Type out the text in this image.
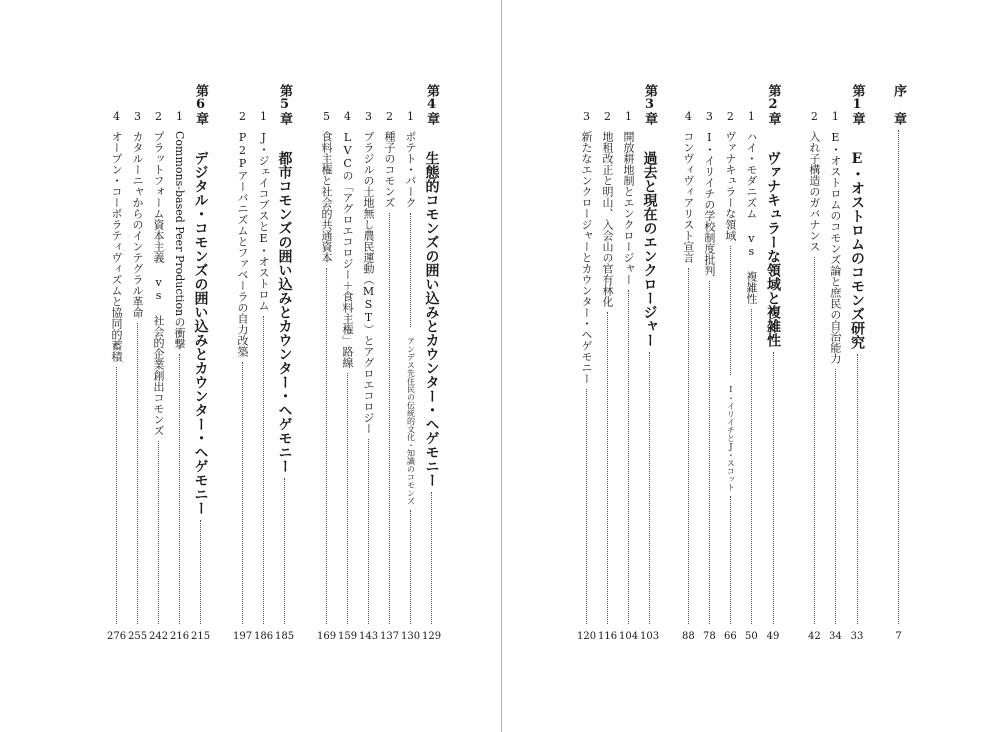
序 章
7
第1章
E・オストロムのコモンズ研究
33
1
E・オストロムのコモンズ論と庶民の自治能力
34
2
入れ子構造のガバナンス
42
第2章
ヴァナキュラーな領域と複雑性
49
1
ハイ・モダニズム vs 複雑性
50
2
ヴァナキュラーな領域
I・イリイチとJ・スコット
66
3
I・イリイチの学校制度批判
78
4
コンヴィヴィアリスト宣言
88
第3章
過去と現在のエンクロージャー
103
1
開放耕地制とエンクロージャー
104
2
地租改正と明山、入会山の官有林化
116
3
新たなエンクロージャーとカウンター・ヘゲモニー
120
第4章
生態的コモンズの囲い込みとカウンター・ヘゲモニー
129
1
ポテト・パーク
アンデス先住民の伝統的文化・知識のコモンズ
130
2
種子のコモンズ
137
3
ブラジルの土地無し農民運動（MST）とアグロエコロジー
143
4
LVCの「アグロエコロジー＋食料主権」路線
159
5
食料主権と社会的共通資本
169
第5章
都市コモンズの囲い込みとカウンター・ヘゲモニー
185
1
J・ジェイコブスとE・オストロム
186
2
P2Pアーバニズムとファベーラの自力改築
197
第6章
デジタル・コモンズの囲い込みとカウンター・ヘゲモニー
215
1
Commons-based Peer Productionの衝撃
216
2
プラットフォーム資本主義 vs 社会的企業創出コモンズ
242
3
カタルーニャからのインテグラル革命
255
4
オープン・コーポラティヴィズムと協同的蓄積
276
